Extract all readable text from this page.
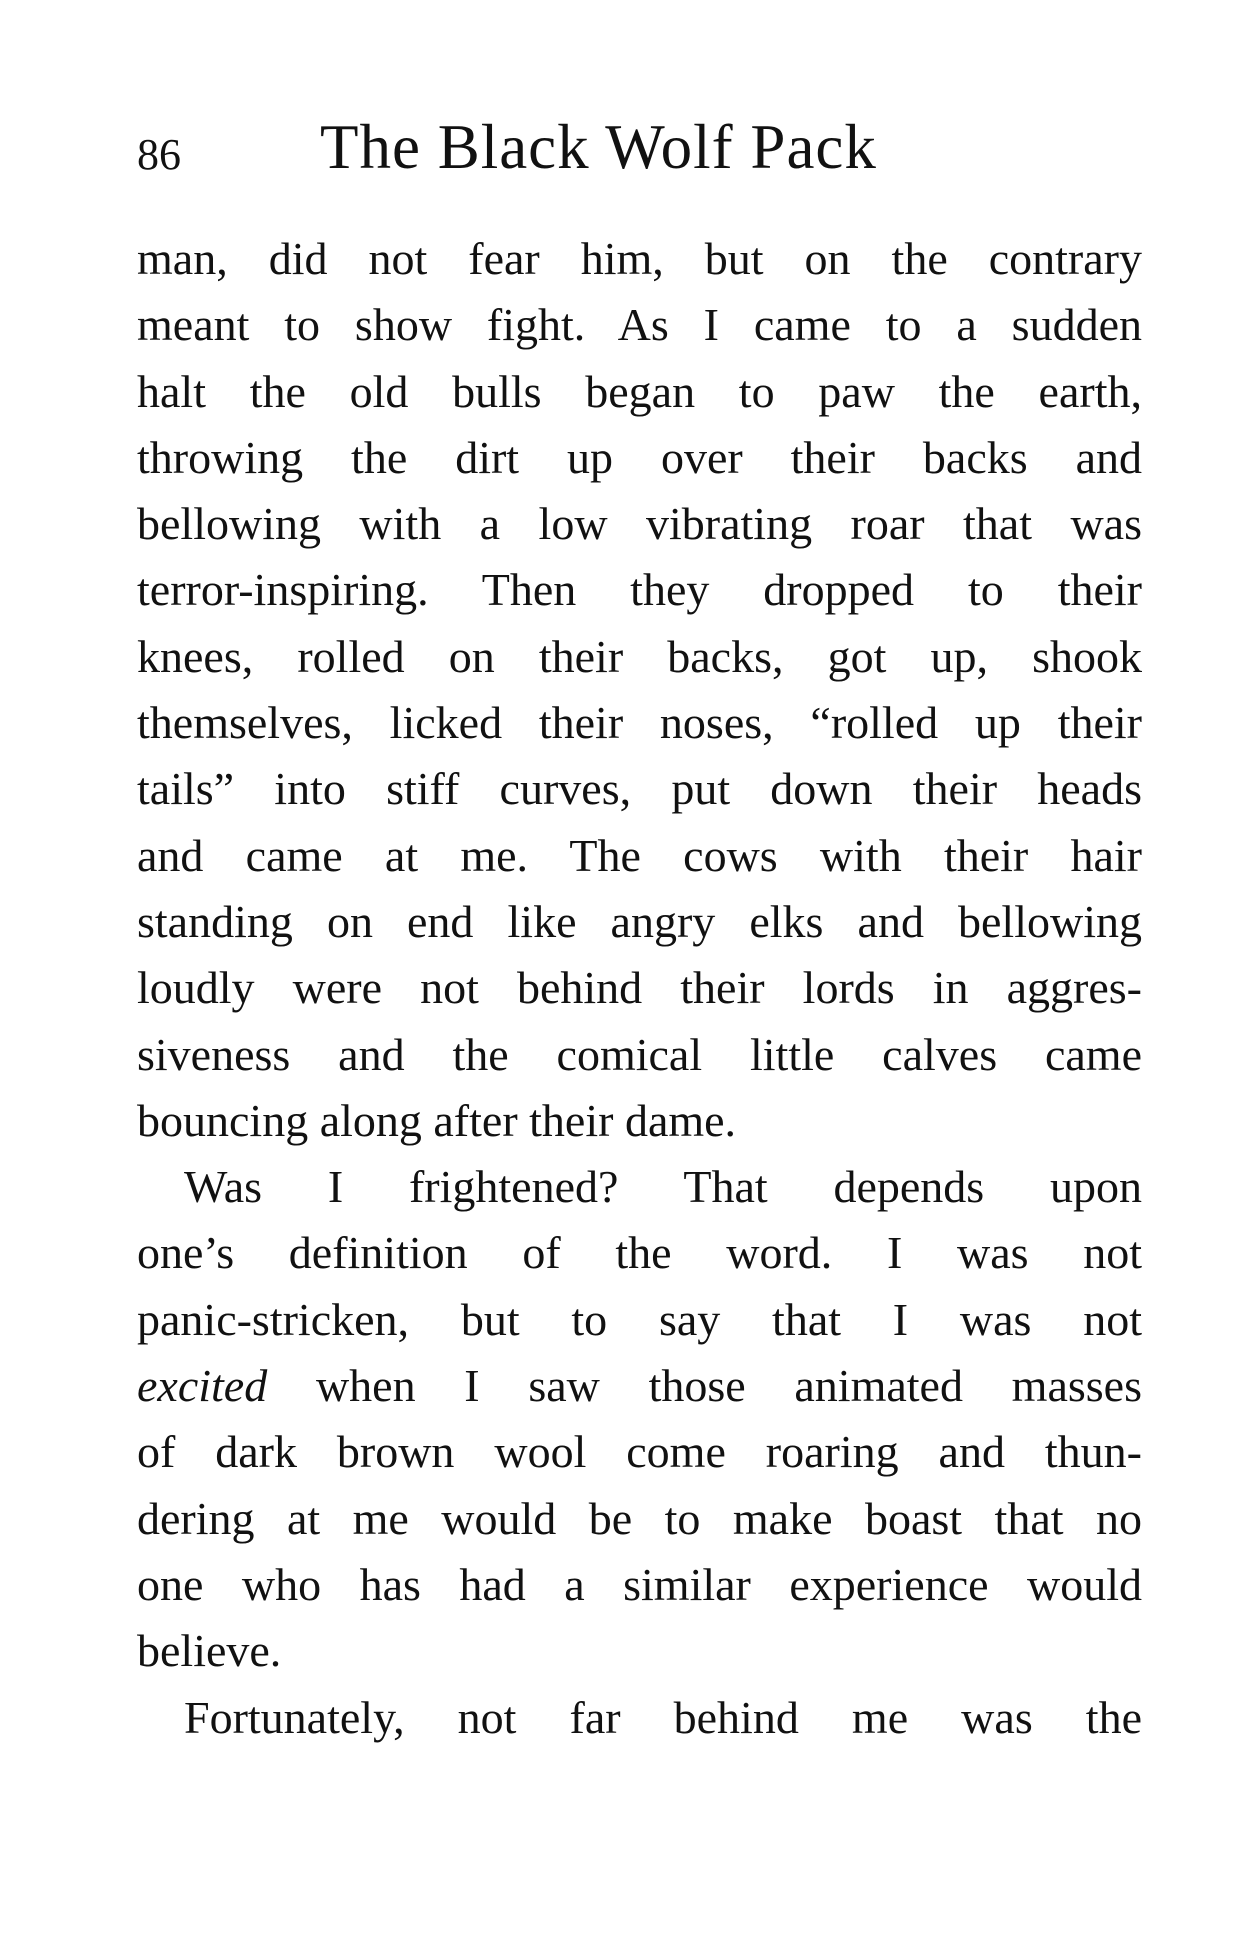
86 The Black Wolf Pack
man, did not fear him, but on the contrary
meant to show fight. As I came to a sudden
halt the old bulls began to paw the earth,
throwing the dirt up over their backs and
bellowing with a low vibrating roar that was
terror-inspiring. Then they dropped to their
knees, rolled on their backs, got up, shook
themselves, licked their noses, “rolled up their
tails” into stiff curves, put down their heads
and came at me. The cows with their hair
standing on end like angry elks and bellowing
loudly were not behind their lords in aggres-
siveness and the comical little calves came
bouncing along after their dame.
Was I frightened? That depends upon
one’s definition of the word. I was not
panic-stricken, but to say that I was not
excited when I saw those animated masses
of dark brown wool come roaring and thun-
dering at me would be to make boast that no
one who has had a similar experience would
believe.
Fortunately, not far behind me was the
